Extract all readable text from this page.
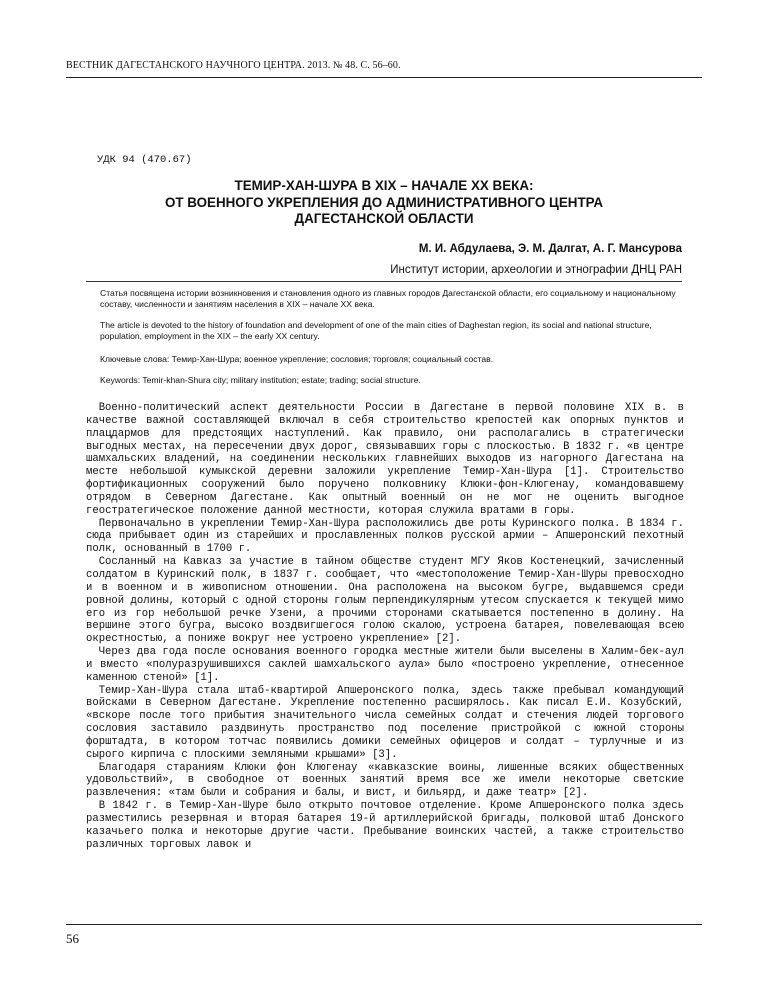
ВЕСТНИК ДАГЕСТАНСКОГО НАУЧНОГО ЦЕНТРА. 2013. № 48. С. 56–60.
УДК 94 (470.67)
ТЕМИР-ХАН-ШУРА В XIX – НАЧАЛЕ XX ВЕКА:
ОТ ВОЕННОГО УКРЕПЛЕНИЯ ДО АДМИНИСТРАТИВНОГО ЦЕНТРА
ДАГЕСТАНСКОЙ ОБЛАСТИ
М. И. Абдулаева, Э. М. Далгат, А. Г. Мансурова
Институт истории, археологии и этнографии ДНЦ РАН
Статья посвящена истории возникновения и становления одного из главных городов Дагестанской области, его социальному и национальному составу, численности и занятиям населения в XIX – начале XX века.
The article is devoted to the history of foundation and development of one of the main cities of Daghestan region, its social and national structure, population, employment in the XIX – the early XX century.
Ключевые слова: Темир-Хан-Шура; военное укрепление; сословия; торговля; социальный состав.
Keywords: Temir-khan-Shura city; military institution; estate; trading; social structure.

Военно-политический аспект деятельности России в Дагестане в первой половине XIX в. в качестве важной составляющей включал в себя строительство крепостей как опорных пунктов и плацдармов для предстоящих наступлений. Как правило, они располагались в стратегически выгодных местах, на пересечении двух дорог, связывавших горы с плоскостью. В 1832 г. «в центре шамхальских владений, на соединении нескольких главнейших выходов из нагорного Дагестана на месте небольшой кумыкской деревни заложили укрепление Темир-Хан-Шура [1]. Строительство фортификационных сооружений было поручено полковнику Клюки-фон-Клюгенау, командовавшему отрядом в Северном Дагестане. Как опытный военный он не мог не оценить выгодное геостратегическое положение данной местности, которая служила вратами в горы.

Первоначально в укреплении Темир-Хан-Шура расположились две роты Куринского полка. В 1834 г. сюда прибывает один из старейших и прославленных полков русской армии – Апшеронский пехотный полк, основанный в 1700 г.

Сосланный на Кавказ за участие в тайном обществе студент МГУ Яков Костенецкий, зачисленный солдатом в Куринский полк, в 1837 г. сообщает, что «местоположение Темир-Хан-Шуры превосходно и в военном и в живописном отношении. Она расположена на высоком бугре, выдавшемся среди ровной долины, который с одной стороны голым перпендикулярным утесом спускается к текущей мимо его из гор небольшой речке Узени, а прочими сторонами скатывается постепенно в долину. На вершине этого бугра, высоко воздвигшегося голою скалою, устроена батарея, повелевающая всею окрестностью, а пониже вокруг нее устроено укрепление» [2].

Через два года после основания военного городка местные жители были выселены в Халим-бек-аул и вместо «полуразрушившихся саклей шамхальского аула» было «построено укрепление, отнесенное каменною стеной» [1].

Темир-Хан-Шура стала штаб-квартирой Апшеронского полка, здесь также пребывал командующий войсками в Северном Дагестане. Укрепление постепенно расширялось. Как писал Е.И. Козубский, «вскоре после того прибытия значительного числа семейных солдат и стечения людей торгового сословия заставило раздвинуть пространство под поселение пристройкой с южной стороны форштадта, в котором тотчас появились домики семейных офицеров и солдат – турлучные и из сырого кирпича с плоскими земляными крышами» [3].

Благодаря стараниям Клюки фон Клюгенау «кавказские воины, лишенные всяких общественных удовольствий», в свободное от военных занятий время все же имели некоторые светские развлечения: «там были и собрания и балы, и вист, и бильярд, и даже театр» [2].

В 1842 г. в Темир-Хан-Шуре было открыто почтовое отделение. Кроме Апшеронского полка здесь разместились резервная и вторая батарея 19-й артиллерийской бригады, полковой штаб Донского казачьего полка и некоторые другие части. Пребывание воинских частей, а также строительство различных торговых лавок и

56
